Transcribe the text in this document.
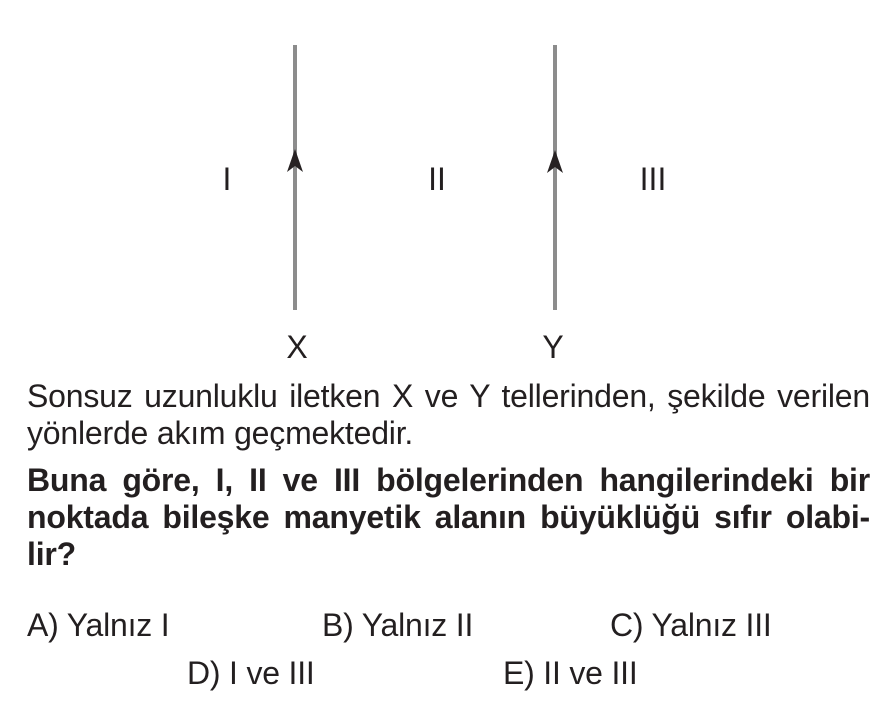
I	II	III
X	Y
Sonsuz uzunluklu iletken X ve Y tellerinden, şekilde verilen
yönlerde akım geçmektedir.
Buna göre, I, II ve III bölgelerinden hangilerindeki bir
noktada bileşke manyetik alanın büyüklüğü sıfır olabi-
lir?
A) Yalnız I	B) Yalnız II	C) Yalnız III
D) I ve III	E) II ve III
